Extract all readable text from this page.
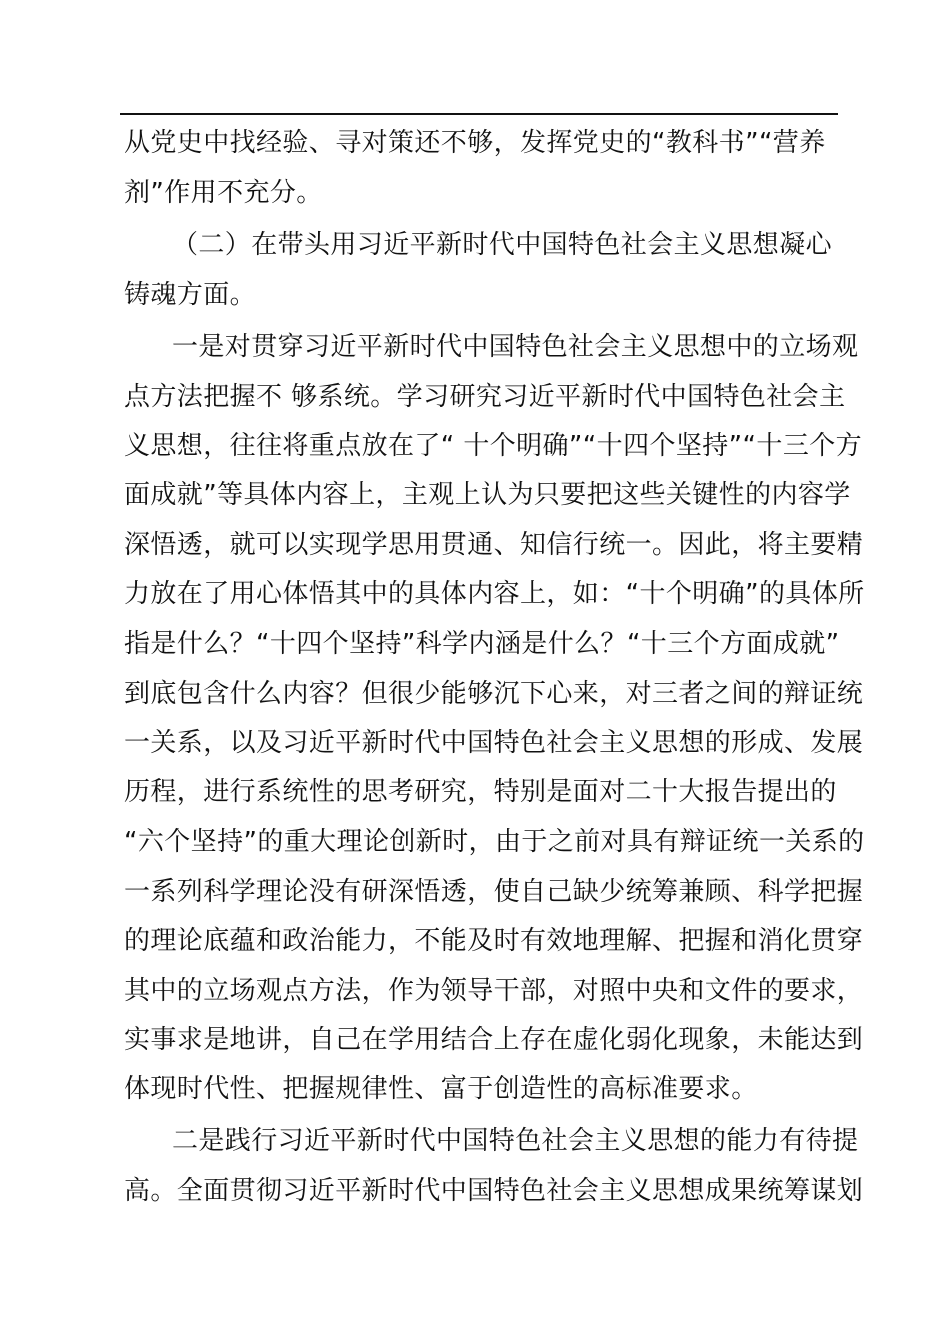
从党史中找经验、寻对策还不够，发挥党史的“教科书”“营养
剂”作用不充分。
（二）在带头用习近平新时代中国特色社会主义思想凝心
铸魂方面。
一是对贯穿习近平新时代中国特色社会主义思想中的立场观
点方法把握不 够系统。学习研究习近平新时代中国特色社会主
义思想，往往将重点放在了“ 十个明确”“十四个坚持”“十三个方
面成就”等具体内容上，主观上认为只要把这些关键性的内容学
深悟透，就可以实现学思用贯通、知信行统一。因此，将主要精
力放在了用心体悟其中的具体内容上，如：“十个明确”的具体所
指是什么？“十四个坚持”科学内涵是什么？“十三个方面成就”
到底包含什么内容？但很少能够沉下心来，对三者之间的辩证统
一关系，以及习近平新时代中国特色社会主义思想的形成、发展
历程，进行系统性的思考研究，特别是面对二十大报告提出的
“六个坚持”的重大理论创新时，由于之前对具有辩证统一关系的
一系列科学理论没有研深悟透，使自己缺少统筹兼顾、科学把握
的理论底蕴和政治能力，不能及时有效地理解、把握和消化贯穿
其中的立场观点方法，作为领导干部，对照中央和文件的要求，
实事求是地讲，自己在学用结合上存在虚化弱化现象，未能达到
体现时代性、把握规律性、富于创造性的高标准要求。
二是践行习近平新时代中国特色社会主义思想的能力有待提
高。全面贯彻习近平新时代中国特色社会主义思想成果统筹谋划
